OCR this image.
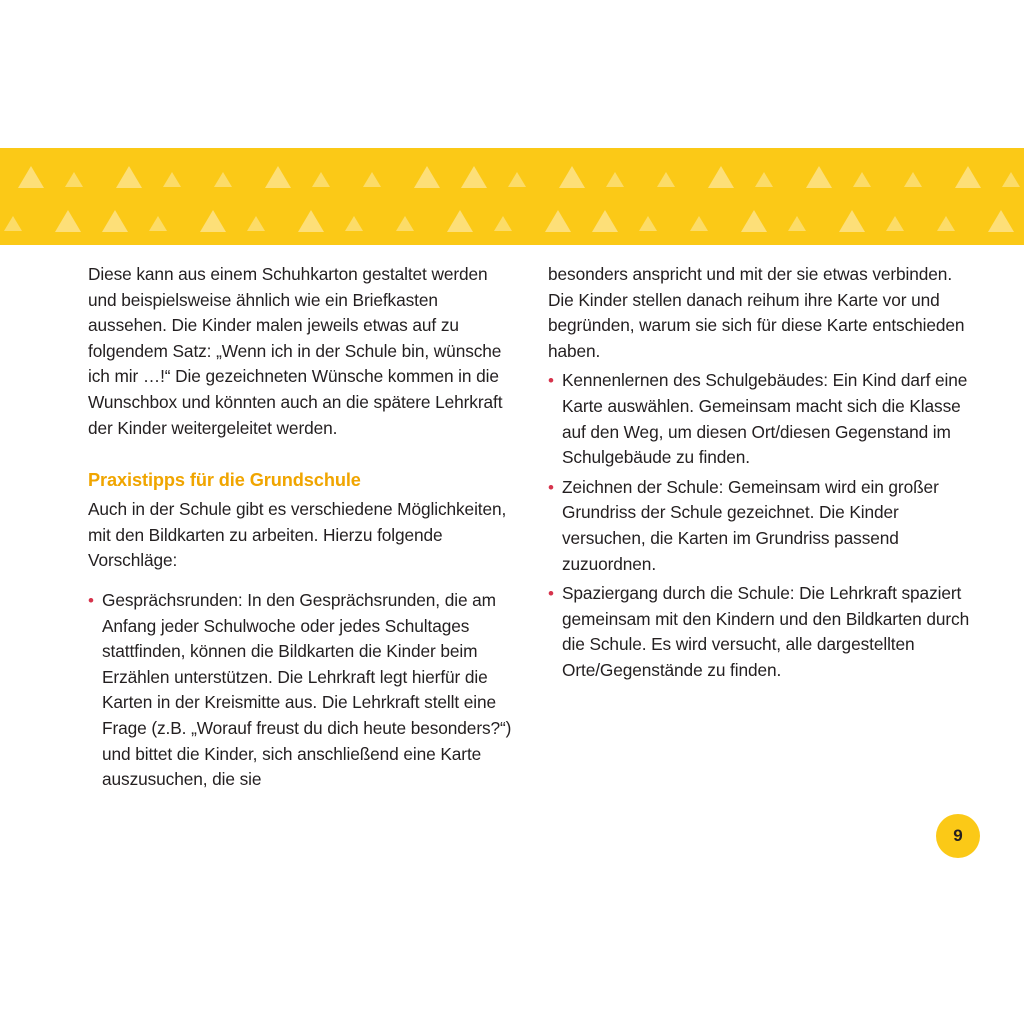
Diese kann aus einem Schuhkarton gestaltet werden und beispielsweise ähnlich wie ein Briefkasten aussehen. Die Kinder malen jeweils etwas auf zu folgendem Satz: „Wenn ich in der Schule bin, wünsche ich mir …!“ Die gezeichneten Wünsche kommen in die Wunschbox und könnten auch an die spätere Lehrkraft der Kinder weitergeleitet werden.

Praxistipps für die Grundschule

Auch in der Schule gibt es verschiedene Möglichkeiten, mit den Bildkarten zu arbeiten. Hierzu folgende Vorschläge:

• Gesprächsrunden: In den Gesprächsrunden, die am Anfang jeder Schulwoche oder jedes Schultages stattfinden, können die Bildkarten die Kinder beim Erzählen unterstützen. Die Lehrkraft legt hierfür die Karten in der Kreismitte aus. Die Lehrkraft stellt eine Frage (z.B. „Worauf freust du dich heute besonders?“) und bittet die Kinder, sich anschließend eine Karte auszusuchen, die sie

besonders anspricht und mit der sie etwas verbinden. Die Kinder stellen danach reihum ihre Karte vor und begründen, warum sie sich für diese Karte entschieden haben.

• Kennenlernen des Schulgebäudes: Ein Kind darf eine Karte auswählen. Gemeinsam macht sich die Klasse auf den Weg, um diesen Ort/diesen Gegenstand im Schulgebäude zu finden.
• Zeichnen der Schule: Gemeinsam wird ein großer Grundriss der Schule gezeichnet. Die Kinder versuchen, die Karten im Grundriss passend zuzuordnen.
• Spaziergang durch die Schule: Die Lehrkraft spaziert gemeinsam mit den Kindern und den Bildkarten durch die Schule. Es wird versucht, alle dargestellten Orte/Gegenstände zu finden.
9
